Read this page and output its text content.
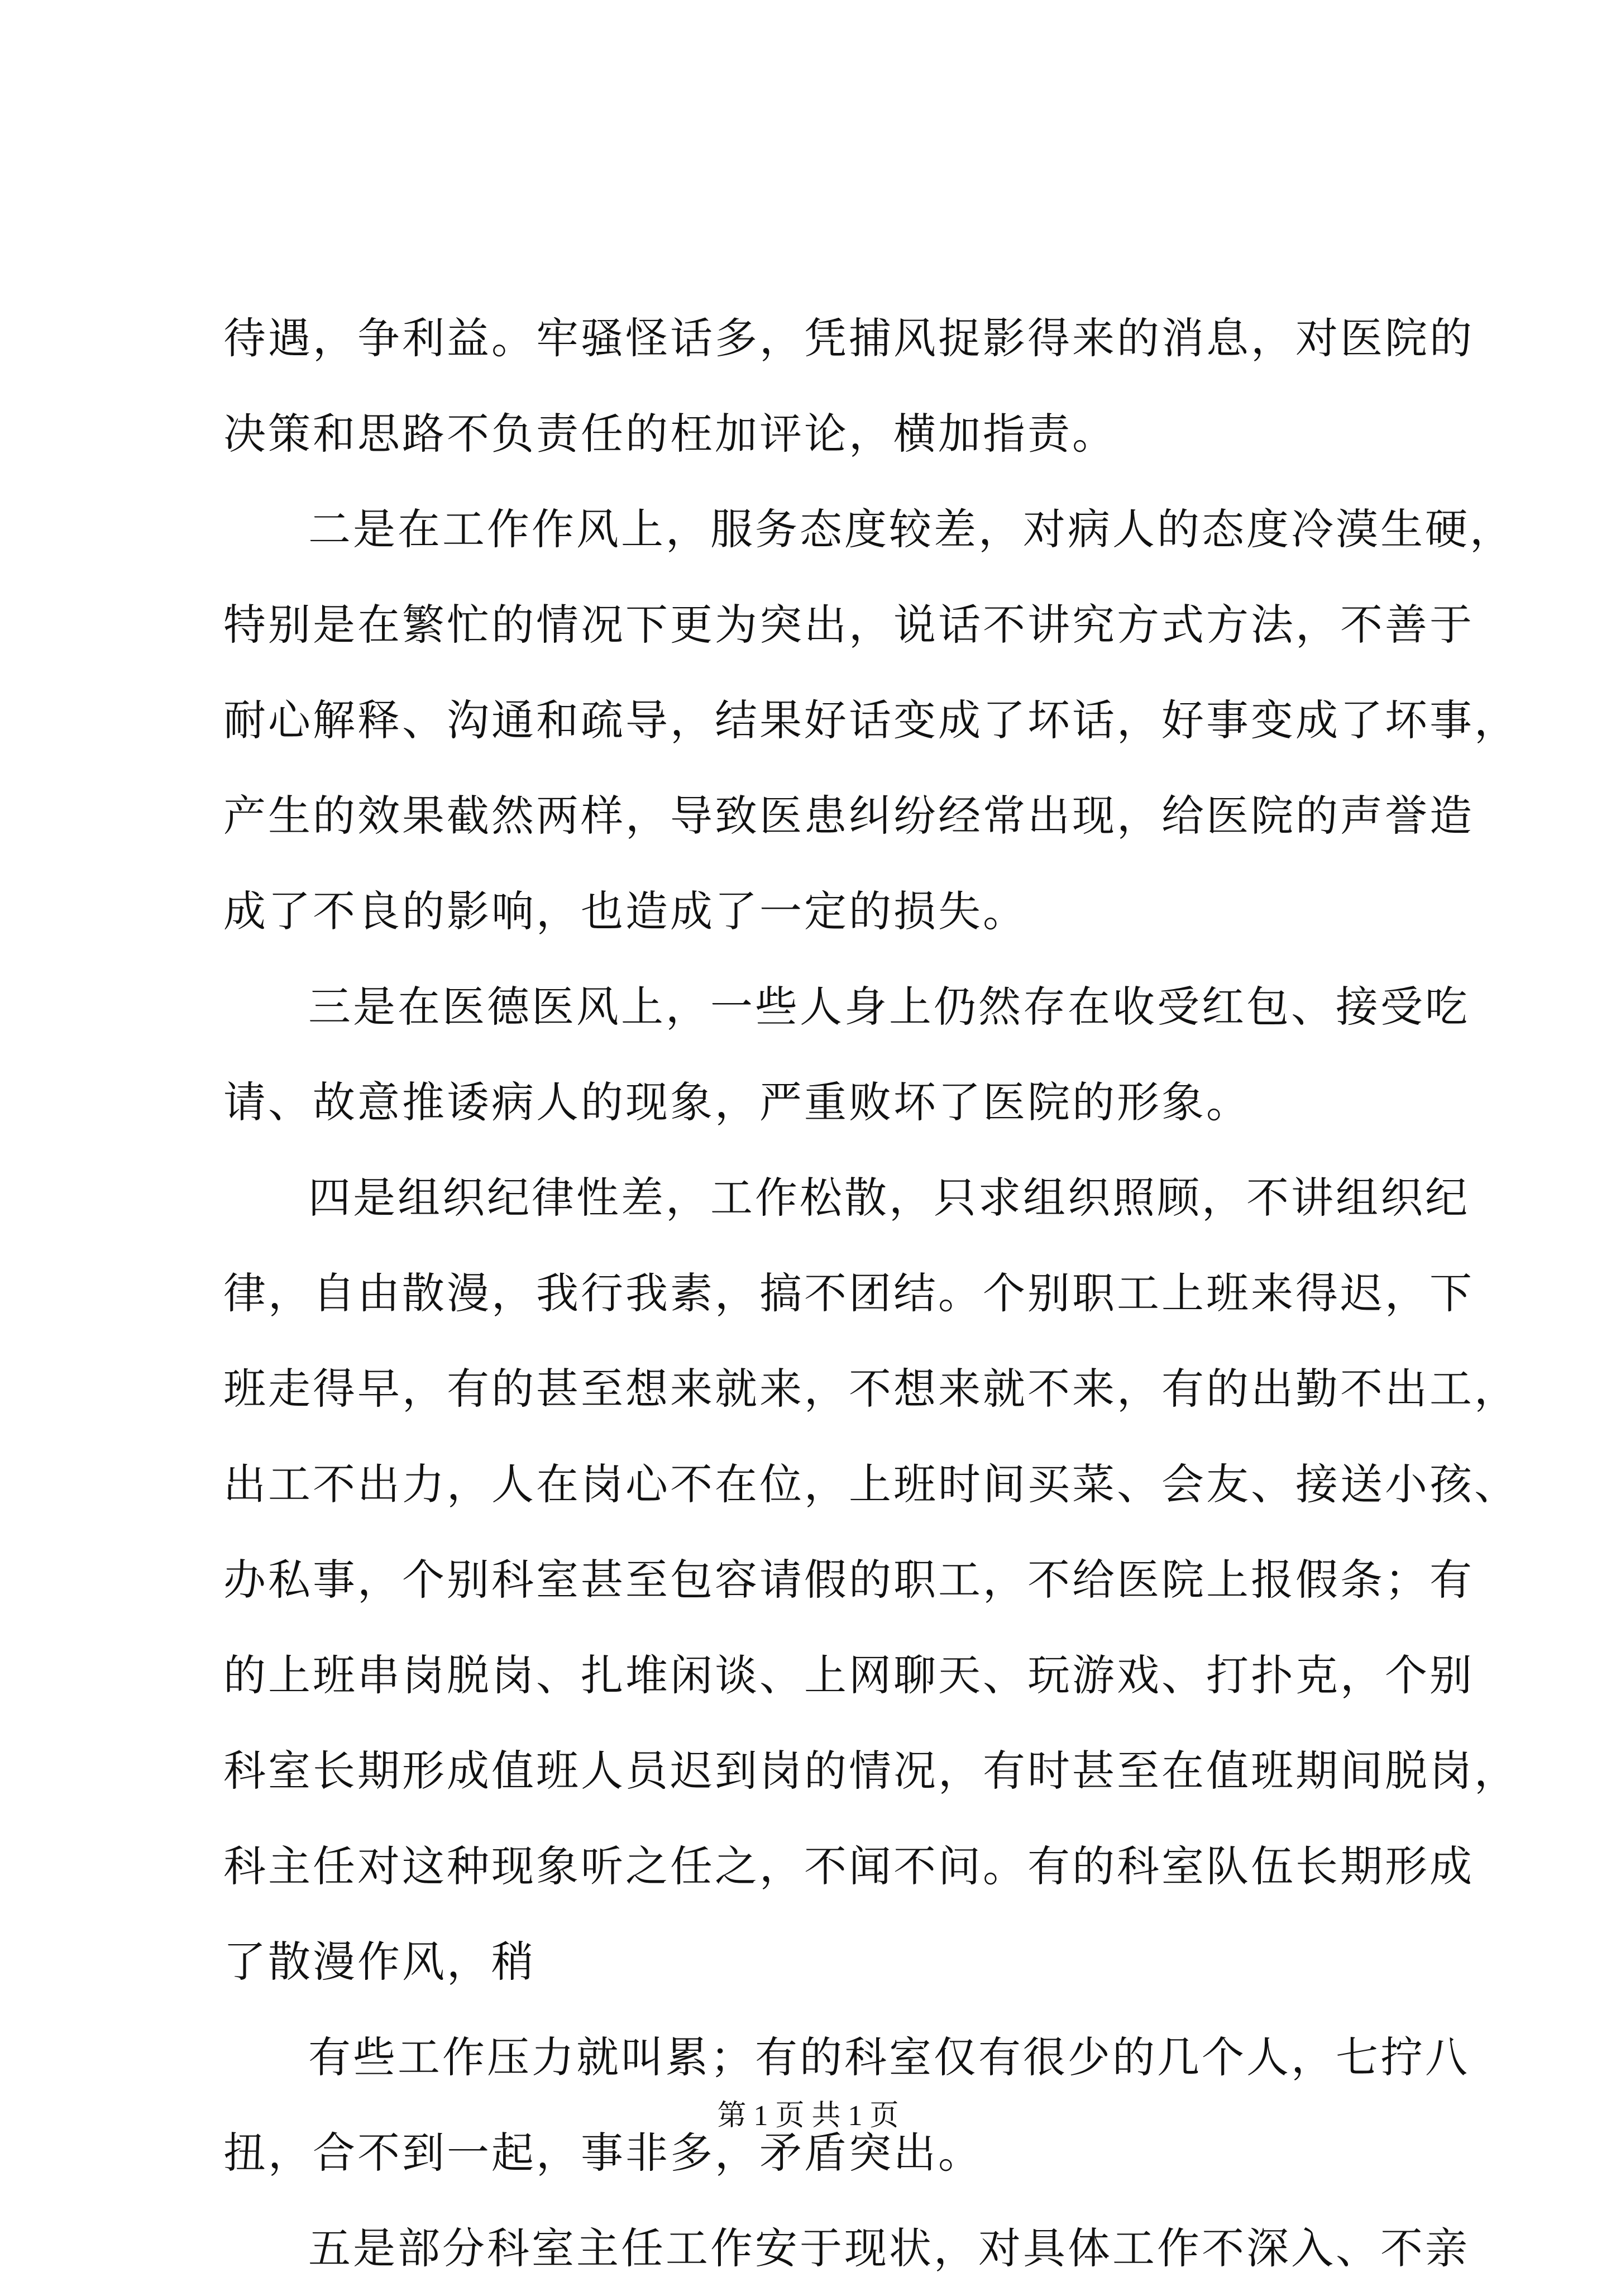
待遇，争利益。牢骚怪话多，凭捕风捉影得来的消息，对医院的
决策和思路不负责任的枉加评论，横加指责。
二是在工作作风上，服务态度较差，对病人的态度冷漠生硬，
特别是在繁忙的情况下更为突出，说话不讲究方式方法，不善于
耐心解释、沟通和疏导，结果好话变成了坏话，好事变成了坏事，
产生的效果截然两样，导致医患纠纷经常出现，给医院的声誉造
成了不良的影响，也造成了一定的损失。
三是在医德医风上，一些人身上仍然存在收受红包、接受吃
请、故意推诿病人的现象，严重败坏了医院的形象。
四是组织纪律性差，工作松散，只求组织照顾，不讲组织纪
律，自由散漫，我行我素，搞不团结。个别职工上班来得迟，下
班走得早，有的甚至想来就来，不想来就不来，有的出勤不出工，
出工不出力，人在岗心不在位，上班时间买菜、会友、接送小孩、
办私事，个别科室甚至包容请假的职工，不给医院上报假条；有
的上班串岗脱岗、扎堆闲谈、上网聊天、玩游戏、打扑克，个别
科室长期形成值班人员迟到岗的情况，有时甚至在值班期间脱岗，
科主任对这种现象听之任之，不闻不问。有的科室队伍长期形成
了散漫作风，稍
有些工作压力就叫累；有的科室仅有很少的几个人，七拧八
扭，合不到一起，事非多，矛盾突出。
五是部分科室主任工作安于现状，对具体工作不深入、不亲
第 1 页 共 1 页
